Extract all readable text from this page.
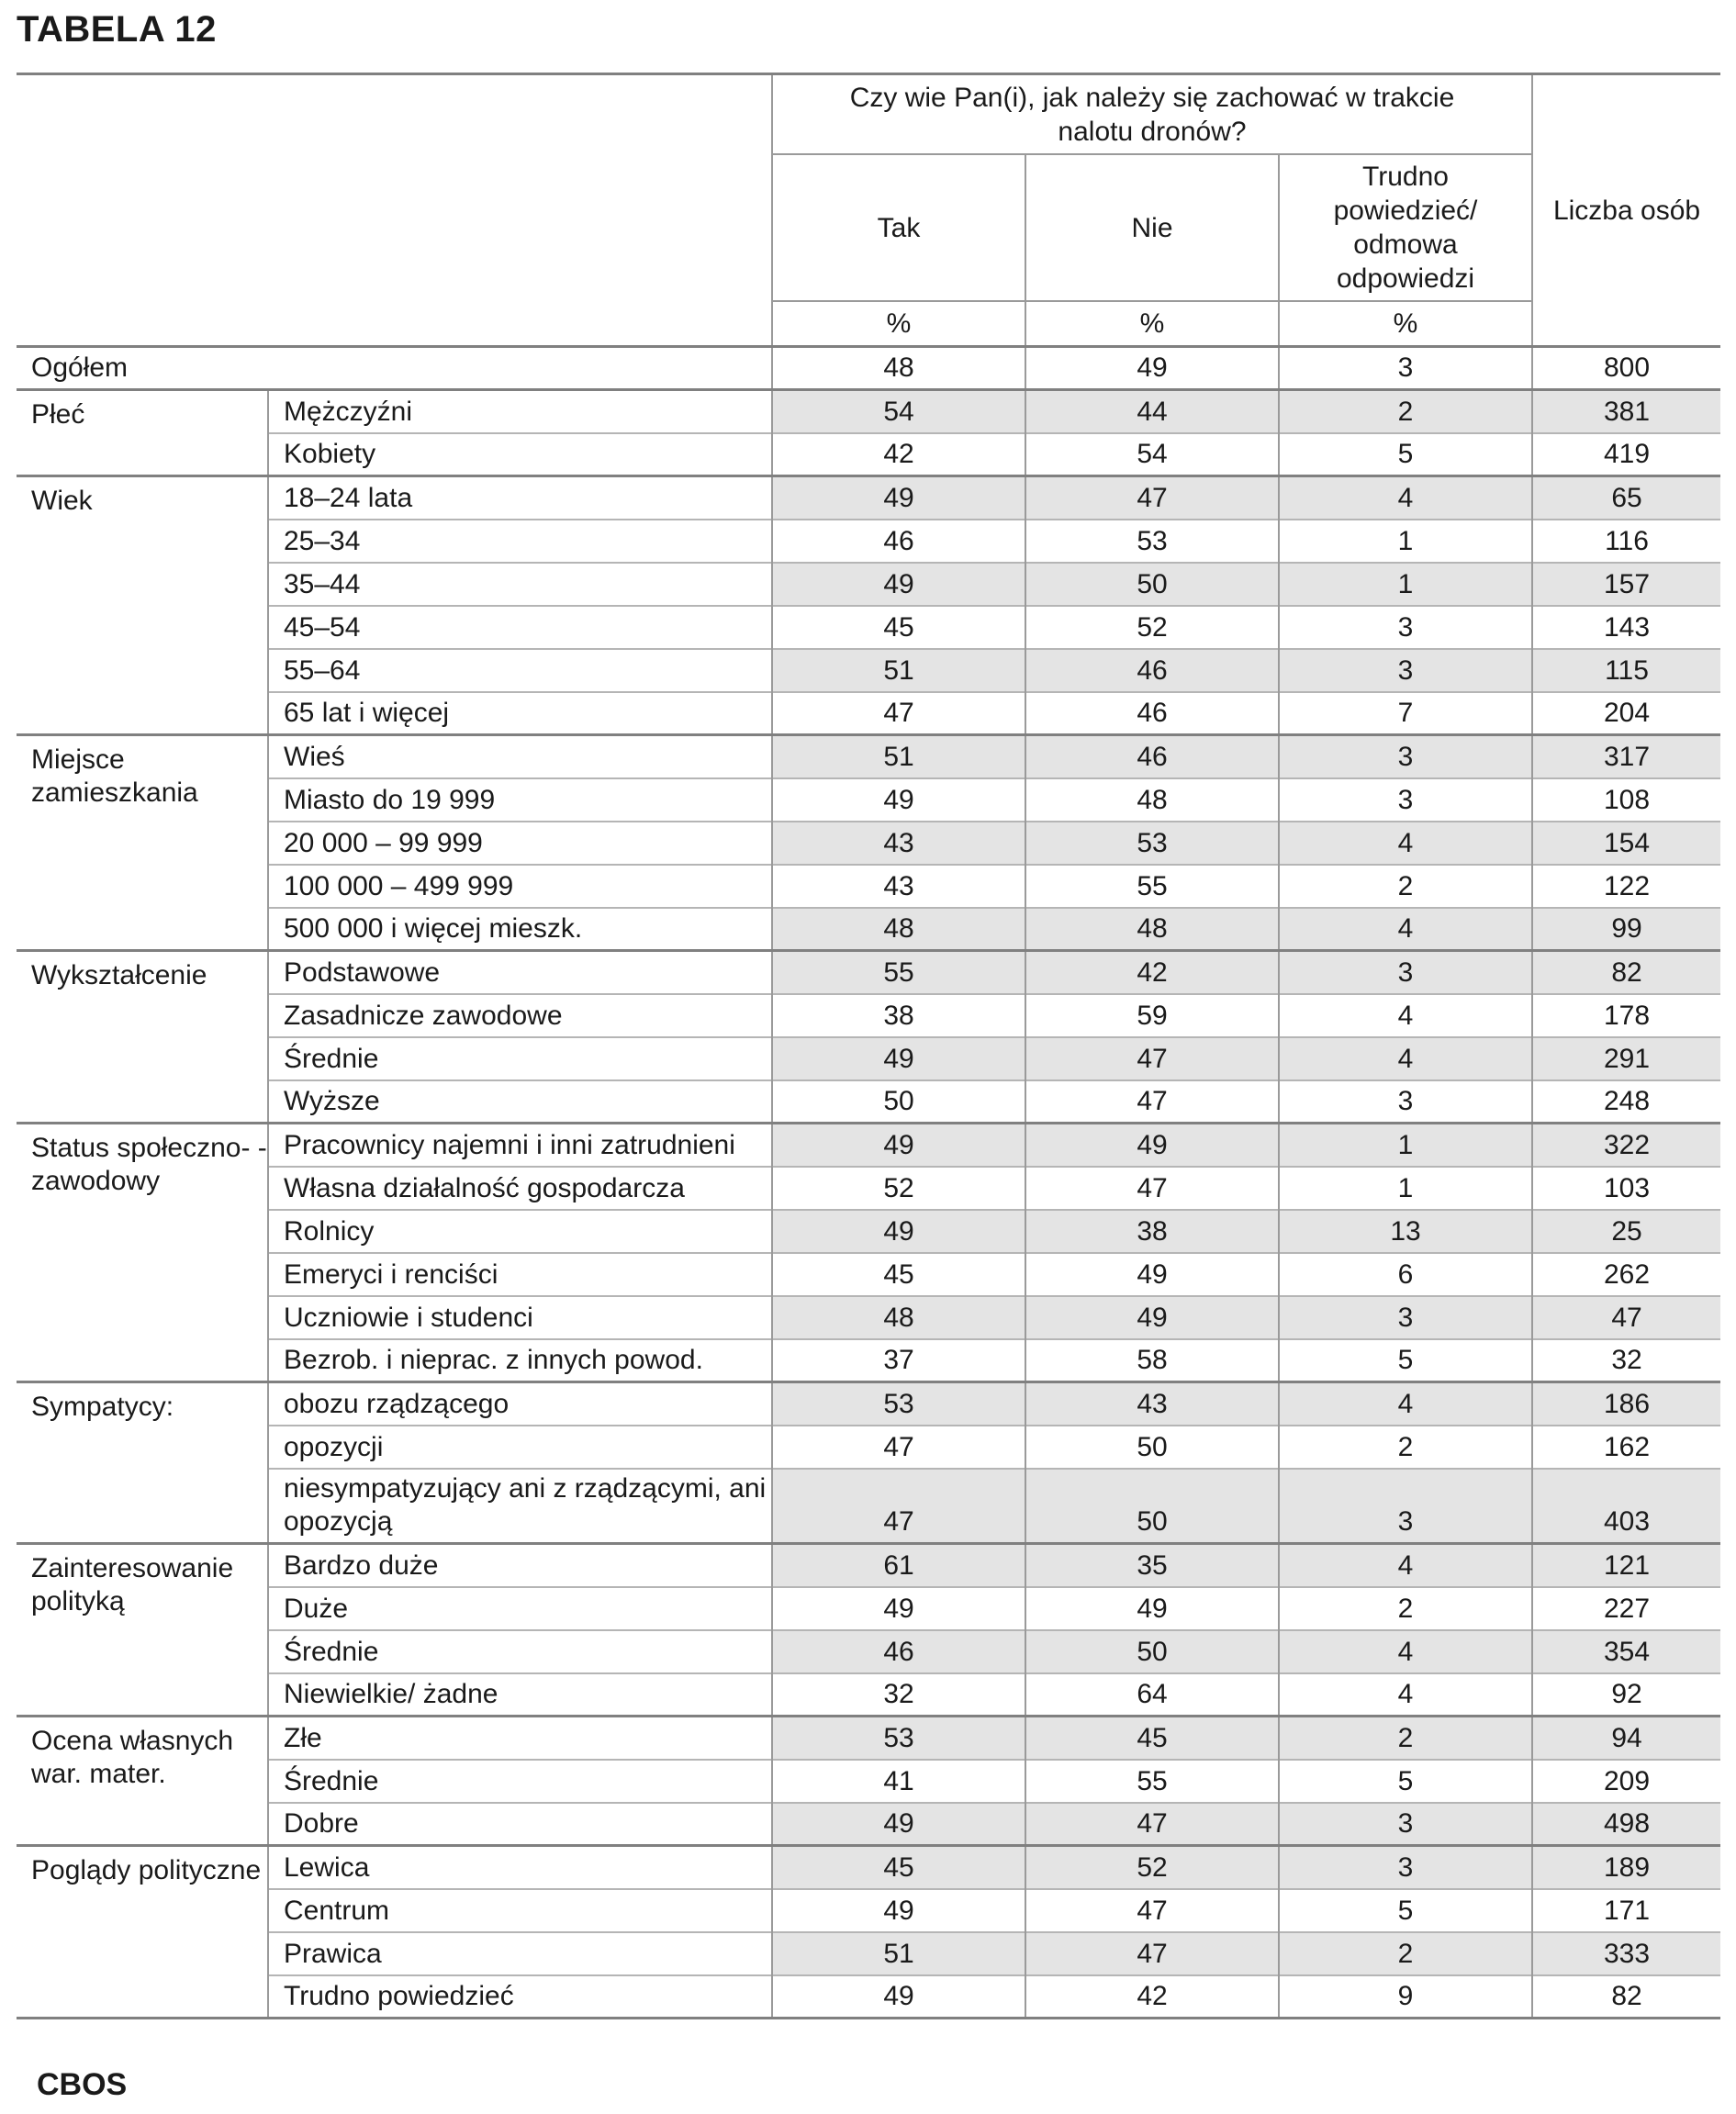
TABELA 12
		Czy wie Pan(i), jak należy się zachować w trakcie nalotu dronów?			Liczba osób
		Tak	Nie	Trudno powiedzieć/ odmowa odpowiedzi	
		%	%	%	
Ogółem		48	49	3	800
Płeć	Mężczyźni	54	44	2	381
	Kobiety	42	54	5	419
Wiek	18–24 lata	49	47	4	65
	25–34	46	53	1	116
	35–44	49	50	1	157
	45–54	45	52	3	143
	55–64	51	46	3	115
	65 lat i więcej	47	46	7	204
Miejsce zamieszkania	Wieś	51	46	3	317
	Miasto do 19 999	49	48	3	108
	20 000 – 99 999	43	53	4	154
	100 000 – 499 999	43	55	2	122
	500 000 i więcej mieszk.	48	48	4	99
Wykształcenie	Podstawowe	55	42	3	82
	Zasadnicze zawodowe	38	59	4	178
	Średnie	49	47	4	291
	Wyższe	50	47	3	248
Status społeczno- -zawodowy	Pracownicy najemni i inni zatrudnieni	49	49	1	322
	Własna działalność gospodarcza	52	47	1	103
	Rolnicy	49	38	13	25
	Emeryci i renciści	45	49	6	262
	Uczniowie i studenci	48	49	3	47
	Bezrob. i nieprac. z innych powod.	37	58	5	32
Sympatycy:	obozu rządzącego	53	43	4	186
	opozycji	47	50	2	162
	niesympatyzujący ani z rządzącymi, ani opozycją	47	50	3	403
Zainteresowanie polityką	Bardzo duże	61	35	4	121
	Duże	49	49	2	227
	Średnie	46	50	4	354
	Niewielkie/ żadne	32	64	4	92
Ocena własnych war. mater.	Złe	53	45	2	94
	Średnie	41	55	5	209
	Dobre	49	47	3	498
Poglądy polityczne	Lewica	45	52	3	189
	Centrum	49	47	5	171
	Prawica	51	47	2	333
	Trudno powiedzieć	49	42	9	82
CBOS
